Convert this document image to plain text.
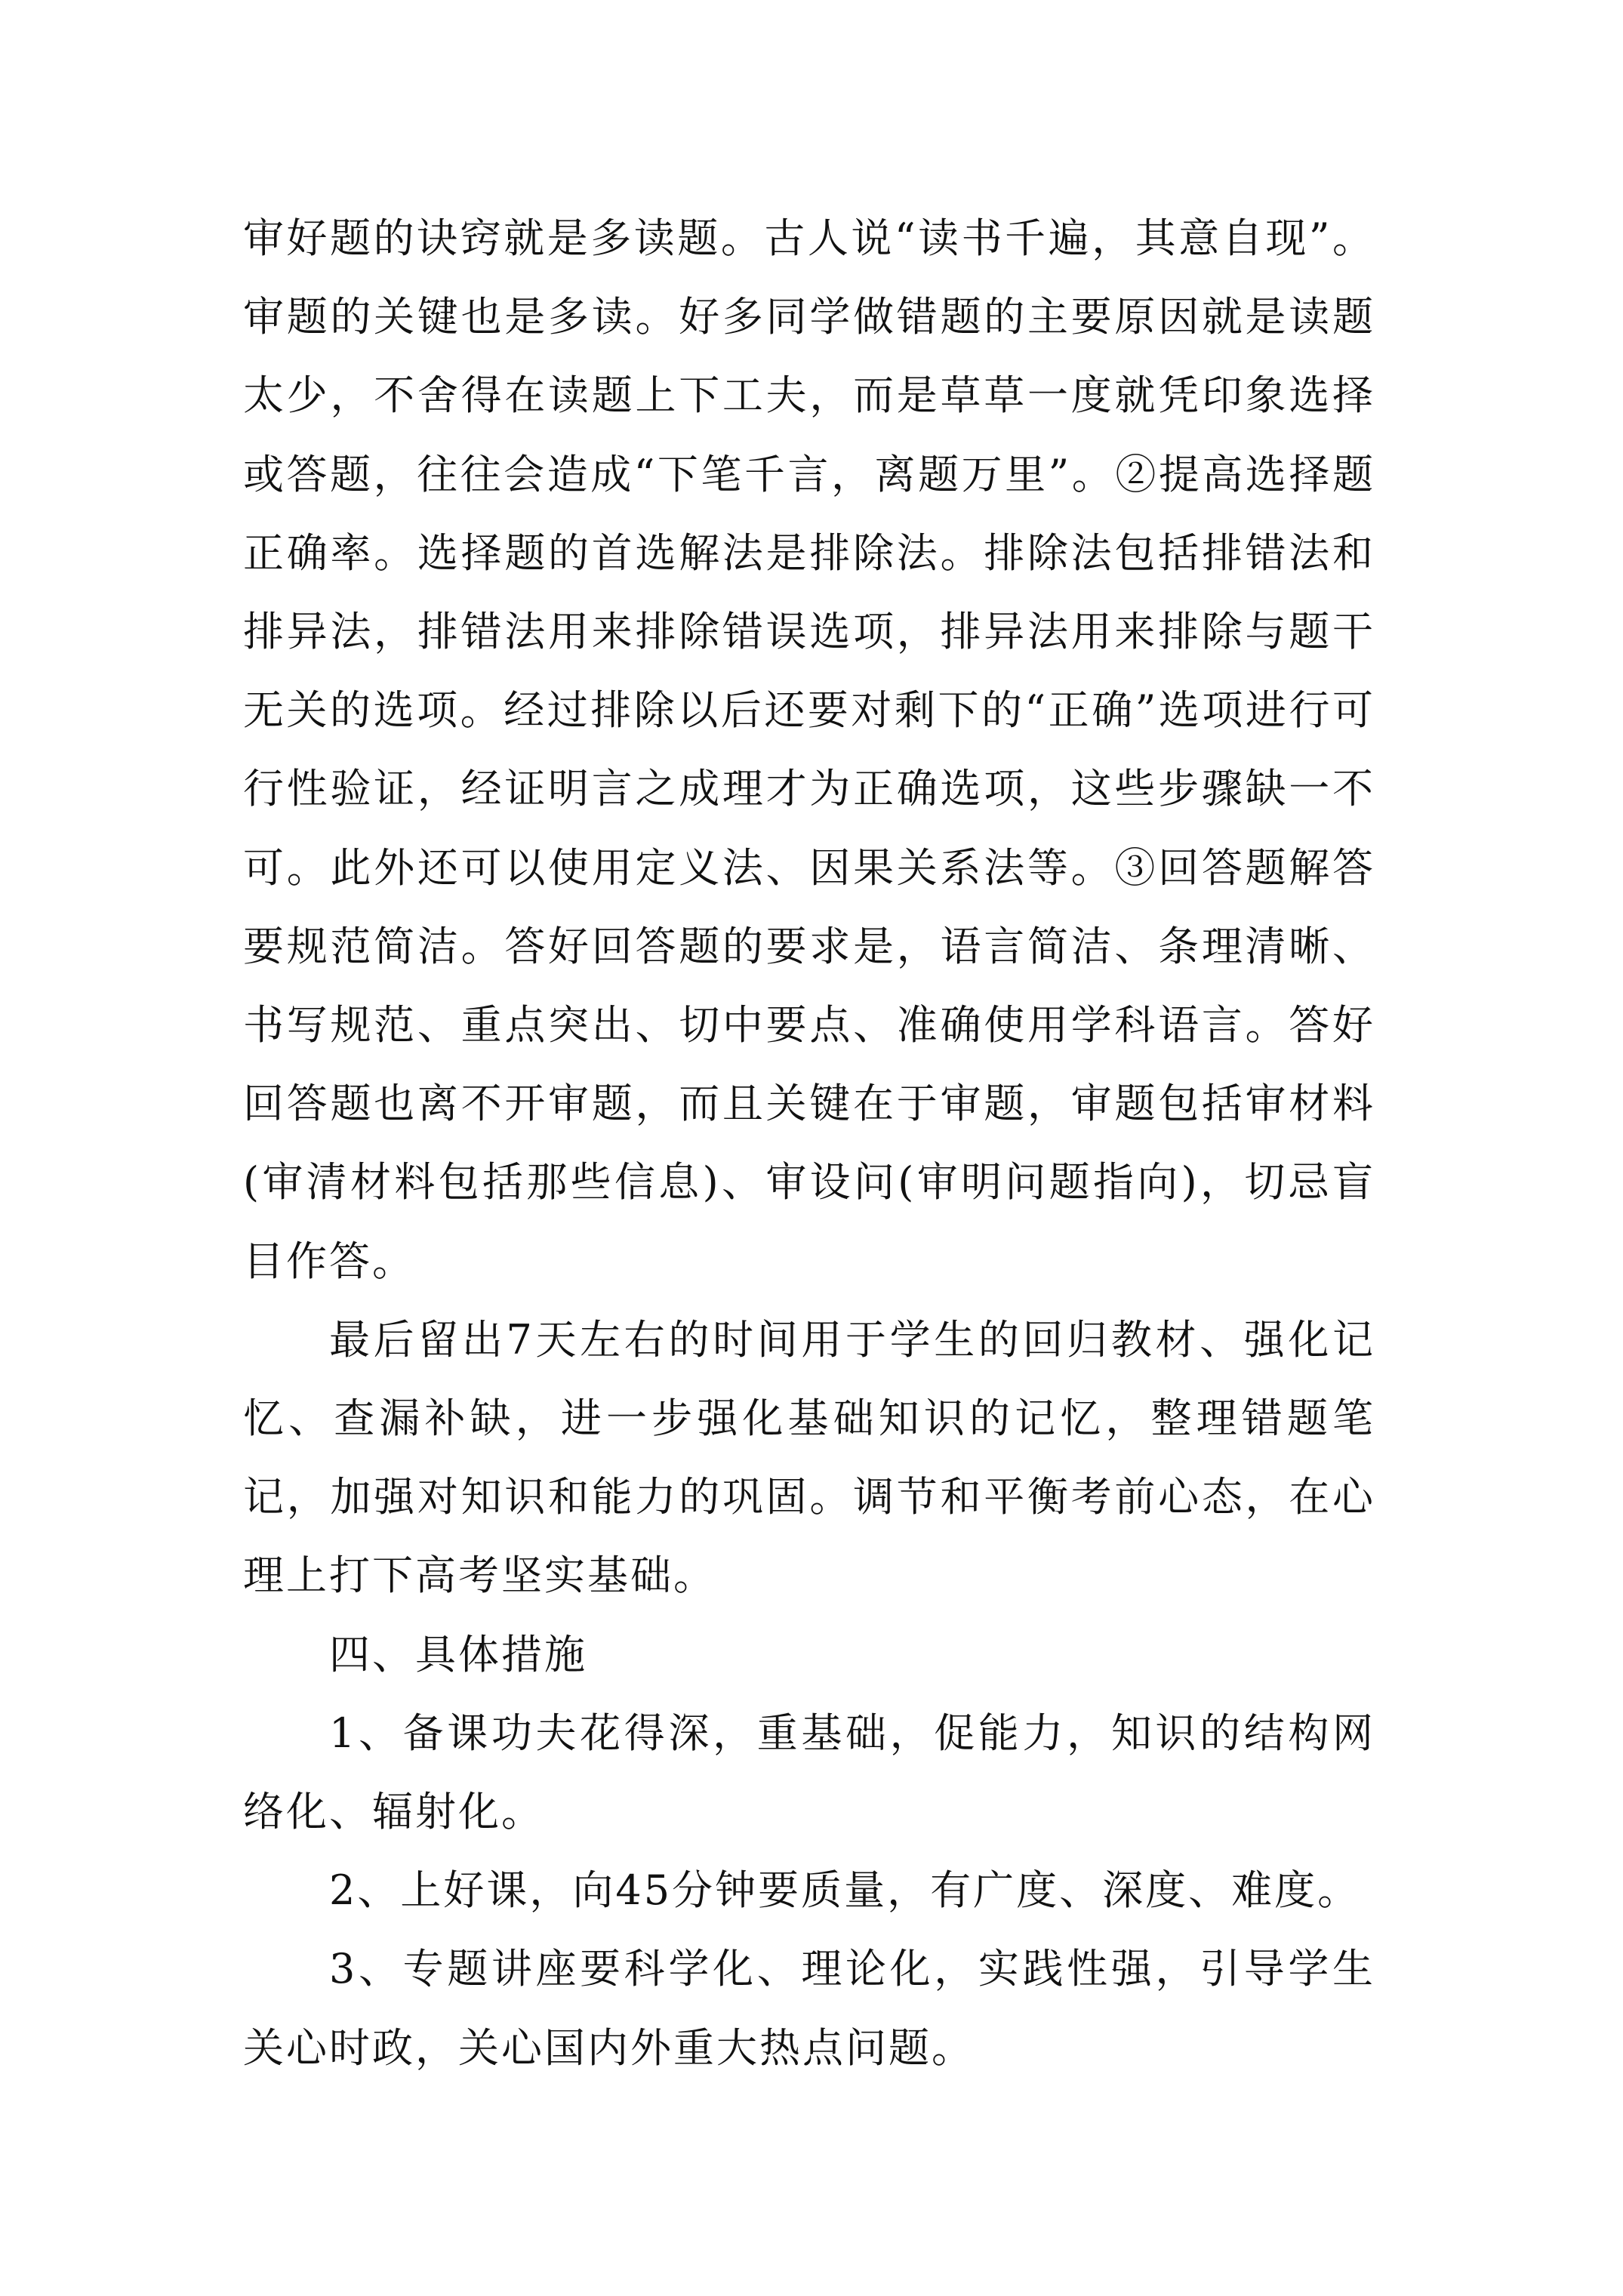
审好题的诀窍就是多读题。古人说“读书千遍，其意自现”。审题的关键也是多读。好多同学做错题的主要原因就是读题太少，不舍得在读题上下工夫，而是草草一度就凭印象选择或答题，往往会造成“下笔千言，离题万里”。②提高选择题正确率。选择题的首选解法是排除法。排除法包括排错法和排异法，排错法用来排除错误选项，排异法用来排除与题干无关的选项。经过排除以后还要对剩下的“正确”选项进行可行性验证，经证明言之成理才为正确选项，这些步骤缺一不可。此外还可以使用定义法、因果关系法等。③回答题解答要规范简洁。答好回答题的要求是，语言简洁、条理清晰、书写规范、重点突出、切中要点、准确使用学科语言。答好回答题也离不开审题，而且关键在于审题，审题包括审材料(审清材料包括那些信息)、审设问(审明问题指向)，切忌盲目作答。

最后留出7天左右的时间用于学生的回归教材、强化记忆、查漏补缺，进一步强化基础知识的记忆，整理错题笔记，加强对知识和能力的巩固。调节和平衡考前心态，在心理上打下高考坚实基础。

四、具体措施

1、备课功夫花得深，重基础，促能力，知识的结构网络化、辐射化。

2、上好课，向45分钟要质量，有广度、深度、难度。

3、专题讲座要科学化、理论化，实践性强，引导学生关心时政，关心国内外重大热点问题。
